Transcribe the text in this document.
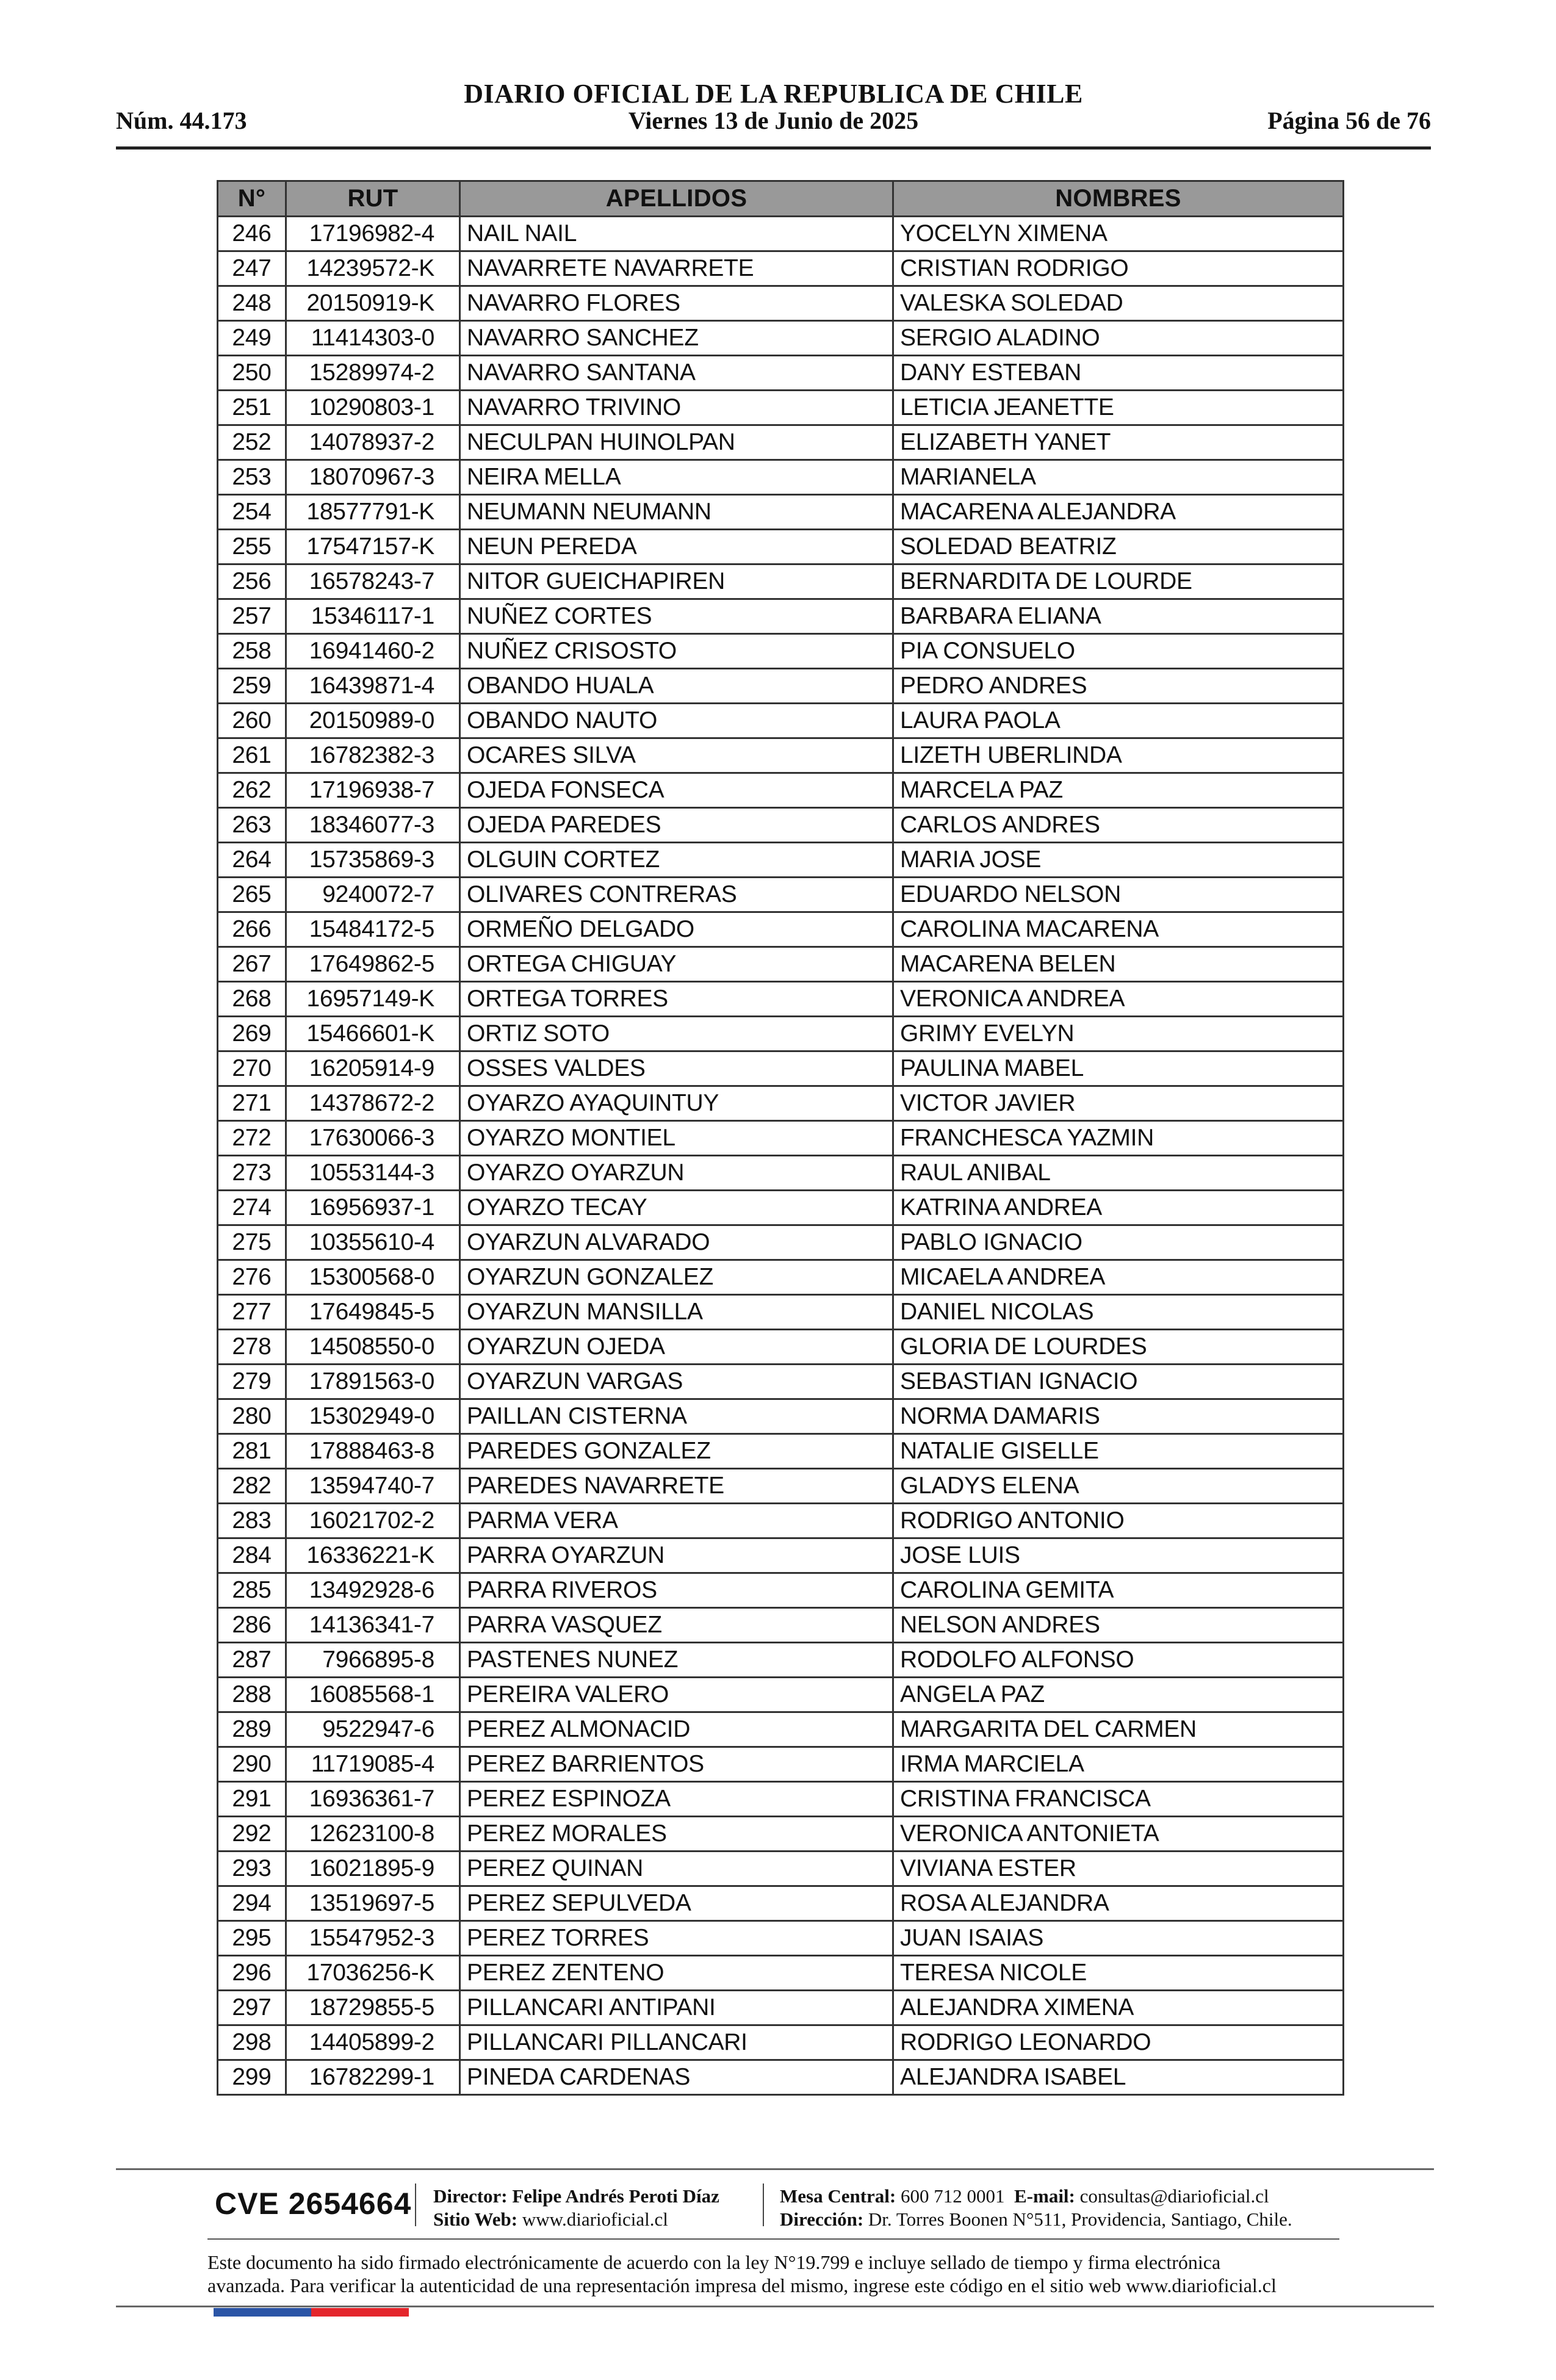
DIARIO OFICIAL DE LA REPUBLICA DE CHILE
Núm. 44.173	Viernes 13 de Junio de 2025	Página 56 de 76
N°	RUT	APELLIDOS	NOMBRES
246	17196982-4	NAIL NAIL	YOCELYN XIMENA
247	14239572-K	NAVARRETE NAVARRETE	CRISTIAN RODRIGO
248	20150919-K	NAVARRO FLORES	VALESKA SOLEDAD
249	11414303-0	NAVARRO SANCHEZ	SERGIO ALADINO
250	15289974-2	NAVARRO SANTANA	DANY ESTEBAN
251	10290803-1	NAVARRO TRIVINO	LETICIA JEANETTE
252	14078937-2	NECULPAN HUINOLPAN	ELIZABETH YANET
253	18070967-3	NEIRA MELLA	MARIANELA
254	18577791-K	NEUMANN NEUMANN	MACARENA ALEJANDRA
255	17547157-K	NEUN PEREDA	SOLEDAD BEATRIZ
256	16578243-7	NITOR GUEICHAPIREN	BERNARDITA DE LOURDE
257	15346117-1	NUÑEZ CORTES	BARBARA ELIANA
258	16941460-2	NUÑEZ CRISOSTO	PIA CONSUELO
259	16439871-4	OBANDO HUALA	PEDRO ANDRES
260	20150989-0	OBANDO NAUTO	LAURA PAOLA
261	16782382-3	OCARES SILVA	LIZETH UBERLINDA
262	17196938-7	OJEDA FONSECA	MARCELA PAZ
263	18346077-3	OJEDA PAREDES	CARLOS ANDRES
264	15735869-3	OLGUIN CORTEZ	MARIA JOSE
265	9240072-7	OLIVARES CONTRERAS	EDUARDO NELSON
266	15484172-5	ORMEÑO DELGADO	CAROLINA MACARENA
267	17649862-5	ORTEGA CHIGUAY	MACARENA BELEN
268	16957149-K	ORTEGA TORRES	VERONICA ANDREA
269	15466601-K	ORTIZ SOTO	GRIMY EVELYN
270	16205914-9	OSSES VALDES	PAULINA MABEL
271	14378672-2	OYARZO AYAQUINTUY	VICTOR JAVIER
272	17630066-3	OYARZO MONTIEL	FRANCHESCA YAZMIN
273	10553144-3	OYARZO OYARZUN	RAUL ANIBAL
274	16956937-1	OYARZO TECAY	KATRINA ANDREA
275	10355610-4	OYARZUN ALVARADO	PABLO IGNACIO
276	15300568-0	OYARZUN GONZALEZ	MICAELA ANDREA
277	17649845-5	OYARZUN MANSILLA	DANIEL NICOLAS
278	14508550-0	OYARZUN OJEDA	GLORIA DE LOURDES
279	17891563-0	OYARZUN VARGAS	SEBASTIAN IGNACIO
280	15302949-0	PAILLAN CISTERNA	NORMA DAMARIS
281	17888463-8	PAREDES GONZALEZ	NATALIE GISELLE
282	13594740-7	PAREDES NAVARRETE	GLADYS ELENA
283	16021702-2	PARMA VERA	RODRIGO ANTONIO
284	16336221-K	PARRA OYARZUN	JOSE LUIS
285	13492928-6	PARRA RIVEROS	CAROLINA GEMITA
286	14136341-7	PARRA VASQUEZ	NELSON ANDRES
287	7966895-8	PASTENES NUNEZ	RODOLFO ALFONSO
288	16085568-1	PEREIRA VALERO	ANGELA PAZ
289	9522947-6	PEREZ ALMONACID	MARGARITA DEL CARMEN
290	11719085-4	PEREZ BARRIENTOS	IRMA MARCIELA
291	16936361-7	PEREZ ESPINOZA	CRISTINA FRANCISCA
292	12623100-8	PEREZ MORALES	VERONICA ANTONIETA
293	16021895-9	PEREZ QUINAN	VIVIANA ESTER
294	13519697-5	PEREZ SEPULVEDA	ROSA ALEJANDRA
295	15547952-3	PEREZ TORRES	JUAN ISAIAS
296	17036256-K	PEREZ ZENTENO	TERESA NICOLE
297	18729855-5	PILLANCARI ANTIPANI	ALEJANDRA XIMENA
298	14405899-2	PILLANCARI PILLANCARI	RODRIGO LEONARDO
299	16782299-1	PINEDA CARDENAS	ALEJANDRA ISABEL
CVE 2654664 Director: Felipe Andrés Peroti Díaz
Sitio Web: www.diarioficial.cl
Mesa Central: 600 712 0001 E-mail: consultas@diarioficial.cl
Dirección: Dr. Torres Boonen N°511, Providencia, Santiago, Chile.
Este documento ha sido firmado electrónicamente de acuerdo con la ley N°19.799 e incluye sellado de tiempo y firma electrónica
avanzada. Para verificar la autenticidad de una representación impresa del mismo, ingrese este código en el sitio web www.diarioficial.cl
